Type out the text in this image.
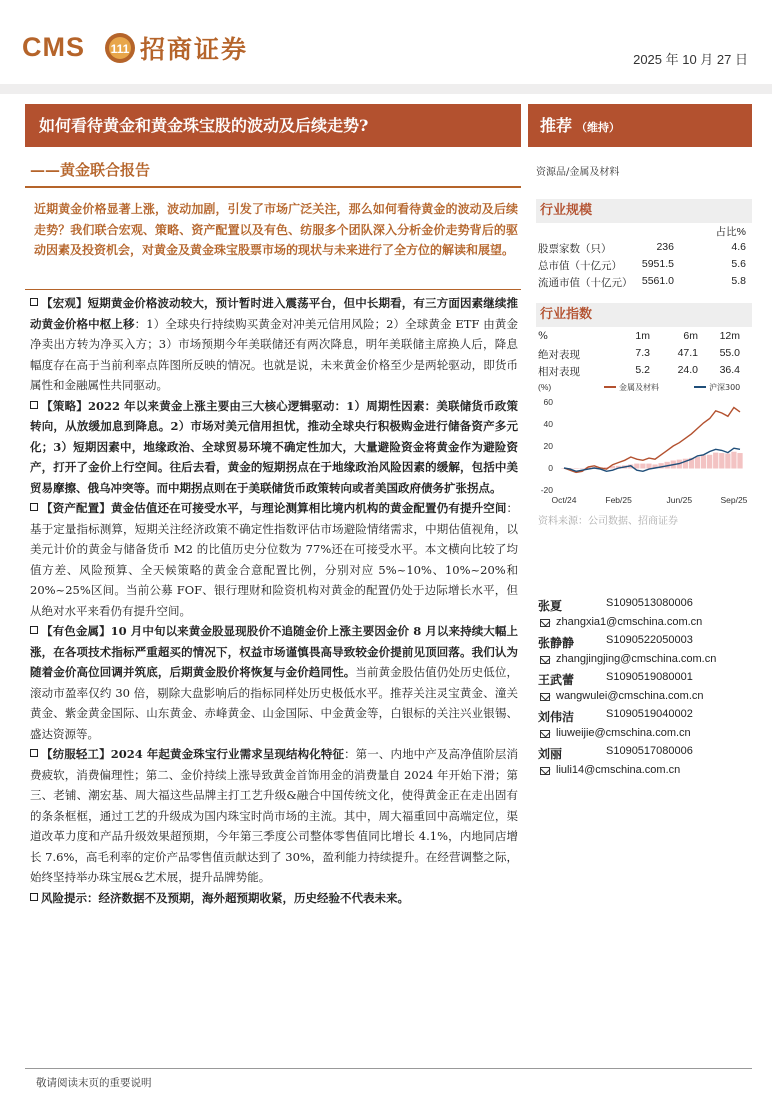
CMS 111 招商证券	2025 年 10 月 27 日
如何看待黄金和黄金珠宝股的波动及后续走势?	推荐 （维持）
——黄金联合报告	资源品/金属及材料
近期黄金价格显著上涨，波动加剧，引发了市场广泛关注，那么如何看待黄金的波动及后续走势？我们联合宏观、策略、资产配置以及有色、纺服多个团队深入分析金价走势背后的驱动因素及投资机会，对黄金及黄金珠宝股票市场的现状与未来进行了全方位的解读和展望。

【宏观】短期黄金价格波动较大，预计暂时进入震荡平台，但中长期看，有三方面因素继续推动黄金价格中枢上移：1）全球央行持续购买黄金对冲美元信用风险；2）全球黄金 ETF 由黄金净卖出方转为净买入方；3）市场预期今年美联储还有两次降息，明年美联储主席换人后，降息幅度存在高于当前利率点阵图所反映的情况。也就是说，未来黄金价格至少是两轮驱动，即货币属性和金融属性共同驱动。

【策略】2022 年以来黄金上涨主要由三大核心逻辑驱动：1）周期性因素：美联储货币政策转向，从放缓加息到降息。2）市场对美元信用担忧，推动全球央行积极购金进行储备资产多元化；3）短期因素中，地缘政治、全球贸易环境不确定性加大，大量避险资金将黄金作为避险资产，打开了金价上行空间。往后去看，黄金的短期拐点在于地缘政治风险因素的缓解，包括中美贸易摩擦、俄乌冲突等。而中期拐点则在于美联储货币政策转向或者美国政府债务扩张拐点。

【资产配置】黄金估值还在可接受水平，与理论测算相比境内机构的黄金配置仍有提升空间：基于定量指标测算，短期关注经济政策不确定性指数评估市场避险情绪需求，中期估值视角，以美元计价的黄金与储备货币 M2 的比值历史分位数为 77%还在可接受水平。本文横向比较了均值方差、风险预算、全天候策略的黄金合意配置比例，分别对应 5%~10%、10%~20%和 20%~25%区间。当前公募 FOF、银行理财和险资机构对黄金的配置仍处于边际增长水平，但从绝对水平来看仍有提升空间。

【有色金属】10 月中旬以来黄金股显现股价不追随金价上涨主要因金价 8 月以来持续大幅上涨，在各项技术指标严重超买的情况下，权益市场谨慎畏高导致较金价提前见顶回落。我们认为随着金价高位回调并筑底，后期黄金股价将恢复与金价趋同性。当前黄金股估值仍处历史低位，滚动市盈率仅约 30 倍，剔除大盘影响后的指标同样处历史极低水平。推荐关注灵宝黄金、潼关黄金、紫金黄金国际、山东黄金、赤峰黄金、山金国际、中金黄金等，白银标的关注兴业银锡、盛达资源等。

【纺服轻工】2024 年起黄金珠宝行业需求呈现结构化特征：第一、内地中产及高净值阶层消费疲软，消费偏理性；第二、金价持续上涨导致黄金首饰用金的消费量自 2024 年开始下滑；第三、老铺、潮宏基、周大福这些品牌主打工艺升级&融合中国传统文化，使得黄金正在走出固有的条条框框，通过工艺的升级成为国内珠宝时尚市场的主流。其中，周大福重回中高端定位，渠道改革力度和产品升级效果超预期，今年第三季度公司整体零售值同比增长 4.1%，内地同店增长 7.6%，高毛利率的定价产品零售值贡献达到了 30%，盈利能力持续提升。在经营调整之际，始终坚持举办珠宝展&艺术展，提升品牌势能。

风险提示：经济数据不及预期，海外超预期收紧，历史经验不代表未来。

行业规模
占比%
股票家数（只）	236	4.6
总市值（十亿元） 5951.5	5.6
流通市值（十亿元） 5561.0	5.8
行业指数
%	1m	6m	12m
绝对表现	7.3	47.1	55.0
相对表现	5.2	24.0	36.4
(%)
60
40
20
0
-20
Oct/24	Feb/25	Jun/25	Sep/25
金属及材料	沪深300
资料来源：公司数据、招商证券
张夏	S1090513080006
zhangxia1@cmschina.com.cn
张静静	S1090522050003
zhangjingjing@cmschina.com.cn
王武蕾	S1090519080001
wangwulei@cmschina.com.cn
刘伟洁	S1090519040002
liuweijie@cmschina.com.cn
刘丽	S1090517080006
liuli14@cmschina.com.cn
敬请阅读末页的重要说明
